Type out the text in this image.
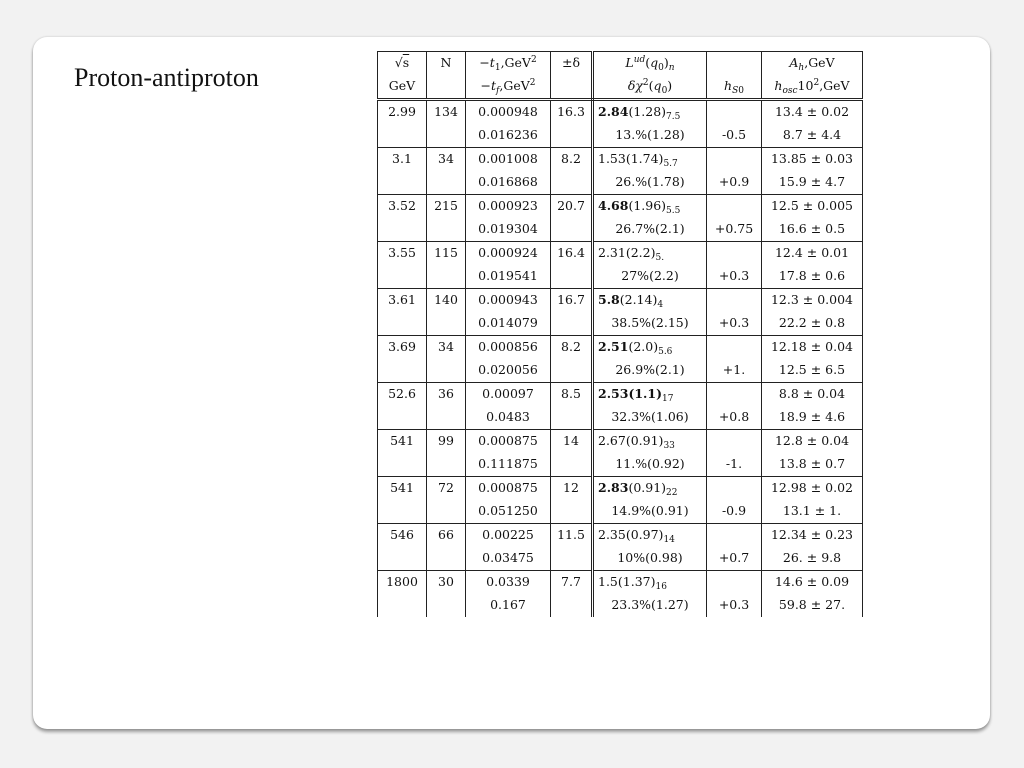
Proton-antiproton
√s	N	$-t_1,GeV^2$	±δ	$L^{ud}(q_0)_n$		$A_h,GeV$
GeV		$-t_f,GeV^2$		$\delta\chi^2(q_0)$	$h_{S0}$	$h_{osc}10^2,GeV$
2.99	134	0.000948	16.3	$2.84(1.28)_{7.5}$		13.4 ± 0.02
		0.016236		13.%(1.28)	-0.5	8.7 ± 4.4
3.1	34	0.001008	8.2	$1.53(1.74)_{5.7}$		13.85 ± 0.03
		0.016868		26.%(1.78)	+0.9	15.9 ± 4.7
3.52	215	0.000923	20.7	$4.68(1.96)_{5.5}$		12.5 ± 0.005
		0.019304		26.7%(2.1)	+0.75	16.6 ± 0.5
3.55	115	0.000924	16.4	$2.31(2.2)_{5.}$		12.4 ± 0.01
		0.019541		27%(2.2)	+0.3	17.8 ± 0.6
3.61	140	0.000943	16.7	$5.8(2.14)_4$		12.3 ± 0.004
		0.014079		38.5%(2.15)	+0.3	22.2 ± 0.8
3.69	34	0.000856	8.2	$2.51(2.0)_{5.6}$		12.18 ± 0.04
		0.020056		26.9%(2.1)	+1.	12.5 ± 6.5
52.6	36	0.00097	8.5	$2.53(1.1)_{17}$		8.8 ± 0.04
		0.0483		32.3%(1.06)	+0.8	18.9 ± 4.6
541	99	0.000875	14	$2.67(0.91)_{33}$		12.8 ± 0.04
		0.111875		11.%(0.92)	-1.	13.8 ± 0.7
541	72	0.000875	12	$2.83(0.91)_{22}$		12.98 ± 0.02
		0.051250		14.9%(0.91)	-0.9	13.1 ± 1.
546	66	0.00225	11.5	$2.35(0.97)_{14}$		12.34 ± 0.23
		0.03475		10%(0.98)	+0.7	26. ± 9.8
1800	30	0.0339	7.7	$1.5(1.37)_{16}$		14.6 ± 0.09
		0.167		23.3%(1.27)	+0.3	59.8 ± 27.
